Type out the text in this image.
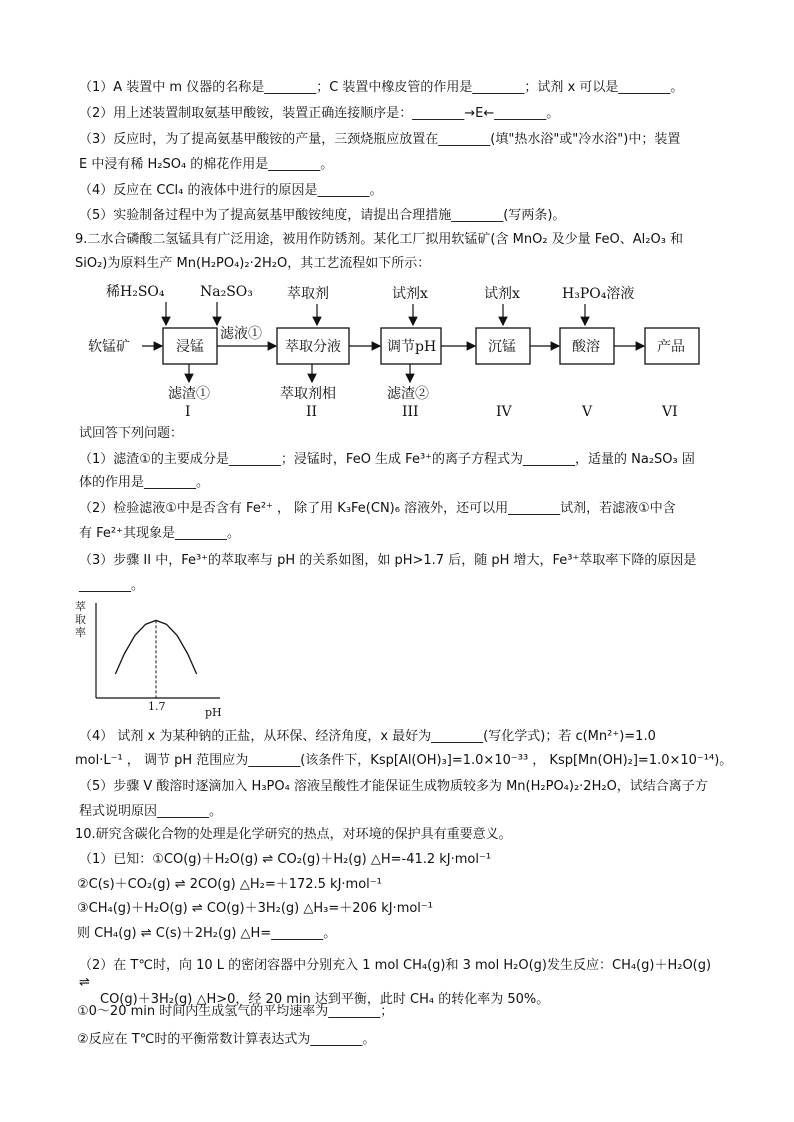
（1）A 装置中 m 仪器的名称是________；C 装置中橡皮管的作用是________；试剂 x 可以是________。
（2）用上述装置制取氨基甲酸铵，装置正确连接顺序是：________→E←________。
（3）反应时，为了提高氨基甲酸铵的产量，三颈烧瓶应放置在________(填"热水浴"或"冷水浴")中；装置
E 中浸有稀 H₂SO₄ 的棉花作用是________。
（4）反应在 CCl₄ 的液体中进行的原因是________。
（5）实验制备过程中为了提高氨基甲酸铵纯度，请提出合理措施________(写两条)。
9.二水合磷酸二氢锰具有广泛用途，被用作防锈剂。某化工厂拟用软锰矿(含 MnO₂ 及少量 FeO、Al₂O₃ 和
SiO₂)为原料生产 Mn(H₂PO₄)₂·2H₂O，其工艺流程如下所示：
稀H₂SO₄	Na₂SO₃ 萃取剂	试剂x	试剂x	H₃PO₄溶液
软锰矿	浸锰
滤液①
萃取分液	调节pH	沉锰	酸溶	产品
滤渣①	萃取剂相	滤渣②
I	II	III	IV	V	VI
试回答下列问题：
（1）滤渣①的主要成分是________；浸锰时，FeO 生成 Fe³⁺的离子方程式为________，适量的 Na₂SO₃ 固
体的作用是________。
（2）检验滤液①中是否含有 Fe²⁺ ， 除了用 K₃Fe(CN)₆ 溶液外，还可以用________试剂，若滤液①中含
有 Fe²⁺其现象是________。
（3）步骤 II 中，Fe³⁺的萃取率与 pH 的关系如图，如 pH>1.7 后，随 pH 增大，Fe³⁺萃取率下降的原因是
________。
萃
取
率
pH
1.7
（4） 试剂 x 为某种钠的正盐，从环保、经济角度，x 最好为________(写化学式)；若 c(Mn²⁺)=1.0
mol·L⁻¹ ， 调节 pH 范围应为________(该条件下，Ksp[Al(OH)₃]=1.0×10⁻³³ ， Ksp[Mn(OH)₂]=1.0×10⁻¹⁴)。
（5）步骤 V 酸溶时逐滴加入 H₃PO₄ 溶液呈酸性才能保证生成物质较多为 Mn(H₂PO₄)₂·2H₂O，试结合离子方
程式说明原因________。
10.研究含碳化合物的处理是化学研究的热点，对环境的保护具有重要意义。
（1）已知：①CO(g)＋H₂O(g) ⇌ CO₂(g)＋H₂(g) △H=-41.2 kJ·mol⁻¹
②C(s)＋CO₂(g) ⇌ 2CO(g) △H₂=＋172.5 kJ·mol⁻¹
③CH₄(g)＋H₂O(g) ⇌ CO(g)＋3H₂(g) △H₃=＋206 kJ·mol⁻¹
则 CH₄(g) ⇌ C(s)＋2H₂(g) △H=________。
（2）在 T℃时，向 10 L 的密闭容器中分别充入 1 mol CH₄(g)和 3 mol H₂O(g)发生反应：CH₄(g)＋H₂O(g)
⇌
CO(g)＋3H₂(g) △H>0，经 20 min 达到平衡，此时 CH₄ 的转化率为 50%。
①0～20 min 时间内生成氢气的平均速率为________；
②反应在 T℃时的平衡常数计算表达式为________。
